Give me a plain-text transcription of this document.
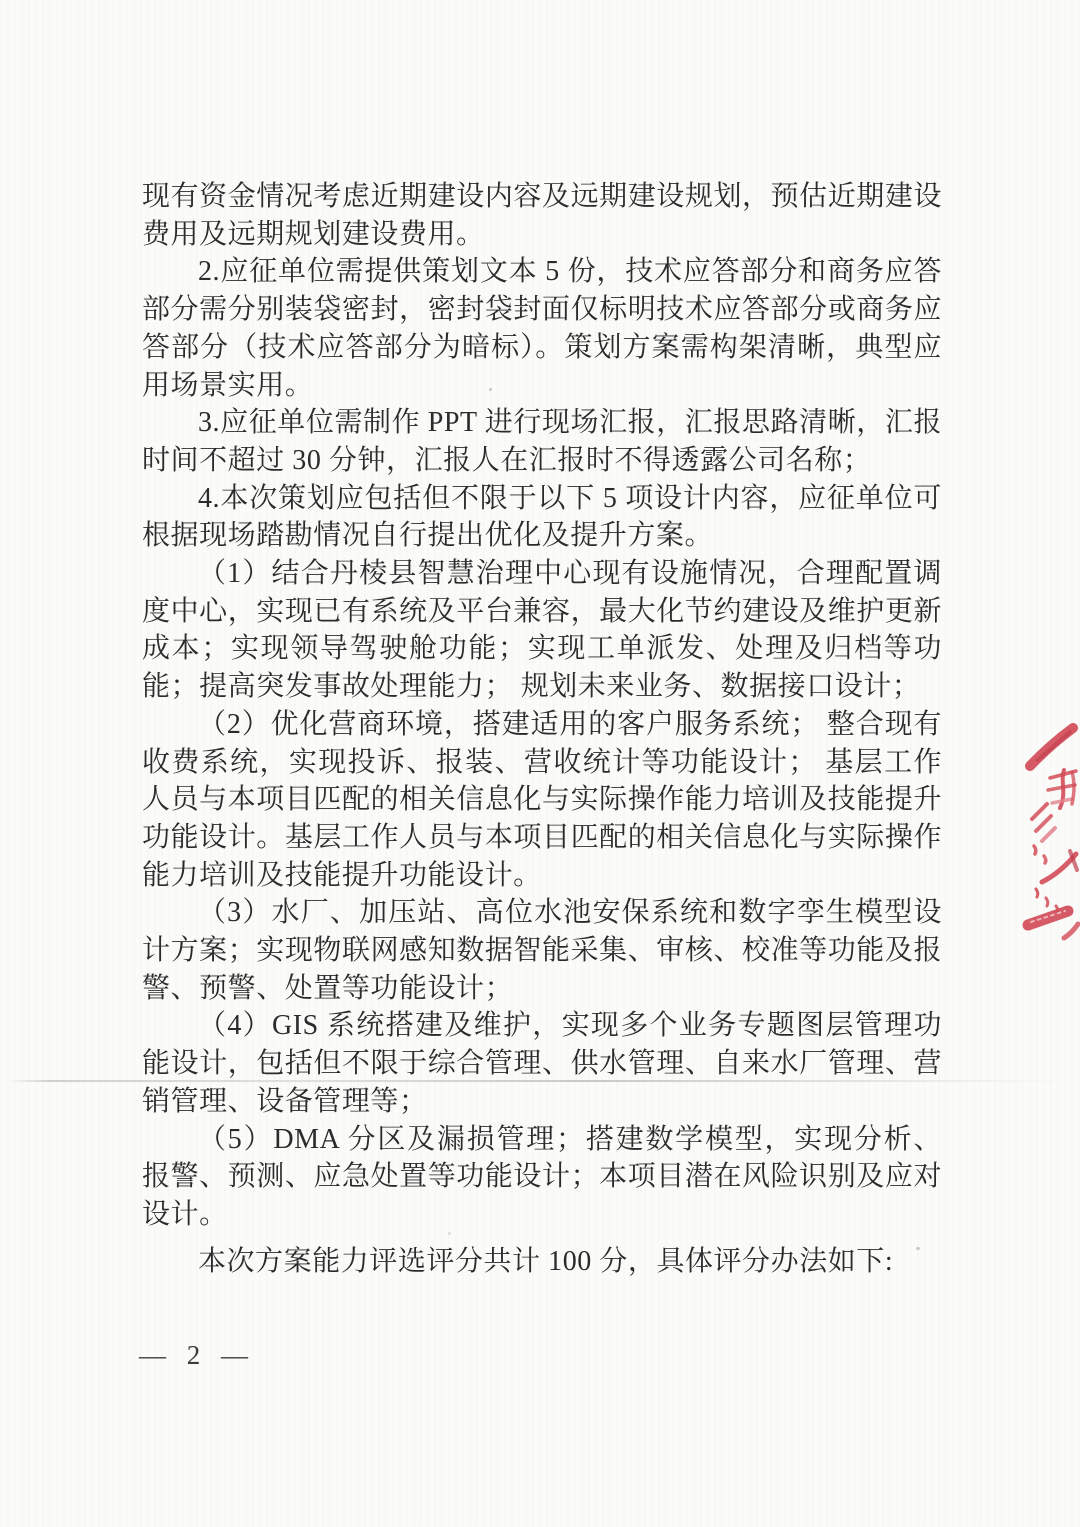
现有资金情况考虑近期建设内容及远期建设规划，预估近期建设费用及远期规划建设费用。

2.应征单位需提供策划文本 5 份，技术应答部分和商务应答部分需分别装袋密封，密封袋封面仅标明技术应答部分或商务应答部分（技术应答部分为暗标）。策划方案需构架清晰，典型应用场景实用。

3.应征单位需制作 PPT 进行现场汇报，汇报思路清晰，汇报时间不超过 30 分钟，汇报人在汇报时不得透露公司名称；

4.本次策划应包括但不限于以下 5 项设计内容，应征单位可根据现场踏勘情况自行提出优化及提升方案。

（1）结合丹棱县智慧治理中心现有设施情况，合理配置调度中心，实现已有系统及平台兼容，最大化节约建设及维护更新成本；实现领导驾驶舱功能；实现工单派发、处理及归档等功能；提高突发事故处理能力； 规划未来业务、数据接口设计；

（2）优化营商环境，搭建适用的客户服务系统； 整合现有收费系统，实现投诉、报装、营收统计等功能设计； 基层工作人员与本项目匹配的相关信息化与实际操作能力培训及技能提升功能设计。基层工作人员与本项目匹配的相关信息化与实际操作能力培训及技能提升功能设计。

（3）水厂、加压站、高位水池安保系统和数字孪生模型设计方案；实现物联网感知数据智能采集、审核、校准等功能及报警、预警、处置等功能设计；

（4）GIS 系统搭建及维护，实现多个业务专题图层管理功能设计，包括但不限于综合管理、供水管理、自来水厂管理、营销管理、设备管理等；

（5）DMA 分区及漏损管理；搭建数学模型，实现分析、报警、预测、应急处置等功能设计；本项目潜在风险识别及应对设计。

本次方案能力评选评分共计 100 分，具体评分办法如下:

— 2 —
